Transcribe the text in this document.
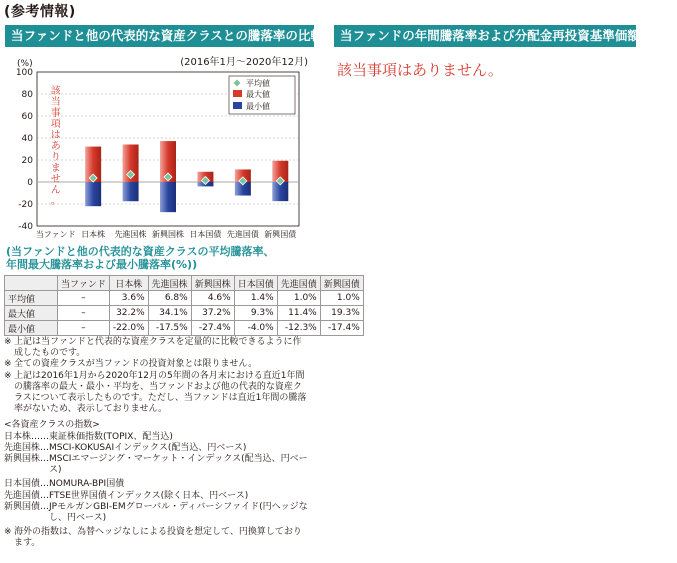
(参考情報)
当ファンドと他の代表的な資産クラスとの騰落率の比較	当ファンドの年間騰落率および分配金再投資基準価額の推移
該当事項はありません。
(2016年1月～2020年12月)
100
80
60
40
20
0
-20
-40
(%)
当ファンド 日本株 先進国株 新興国株 日本国債 先進国債 新興国債
該
当
事
項
は
あ
り
ま
せ
ん
。
平均値
最大値
最小値
(当ファンドと他の代表的な資産クラスの平均騰落率、
年間最大騰落率および最小騰落率(%))
	当ファンド	日本株	先進国株	新興国株	日本国債	先進国債	新興国債
平均値	–	3.6%	6.8%	4.6%	1.4%	1.0%	1.0%
最大値	–	32.2%	34.1%	37.2%	9.3%	11.4%	19.3%
最小値	–	-22.0%	-17.5%	-27.4%	-4.0%	-12.3%	-17.4%
※ 上記は当ファンドと代表的な資産クラスを定量的に比較できるように作成したものです。
※ 全ての資産クラスが当ファンドの投資対象とは限りません。
※ 上記は2016年1月から2020年12月の5年間の各月末における直近1年間の騰落率の最大・最小・平均を、当ファンドおよび他の代表的な資産クラスについて表示したものです。ただし、当ファンドは直近1年間の騰落率がないため、表示しておりません。
<各資産クラスの指数>
日本株 …… 東証株価指数(TOPIX、配当込)
先進国株 … MSCI-KOKUSAIインデックス(配当込、円ベース)
新興国株 … MSCIエマージング・マーケット・インデックス(配当込、円ベース)
日本国債 … NOMURA-BPI国債
先進国債 … FTSE世界国債インデックス(除く日本、円ベース)
新興国債 … JPモルガンGBI-EMグローバル・ディバーシファイド(円ヘッジなし、円ベース)
※ 海外の指数は、為替ヘッジなしによる投資を想定して、円換算しております。
